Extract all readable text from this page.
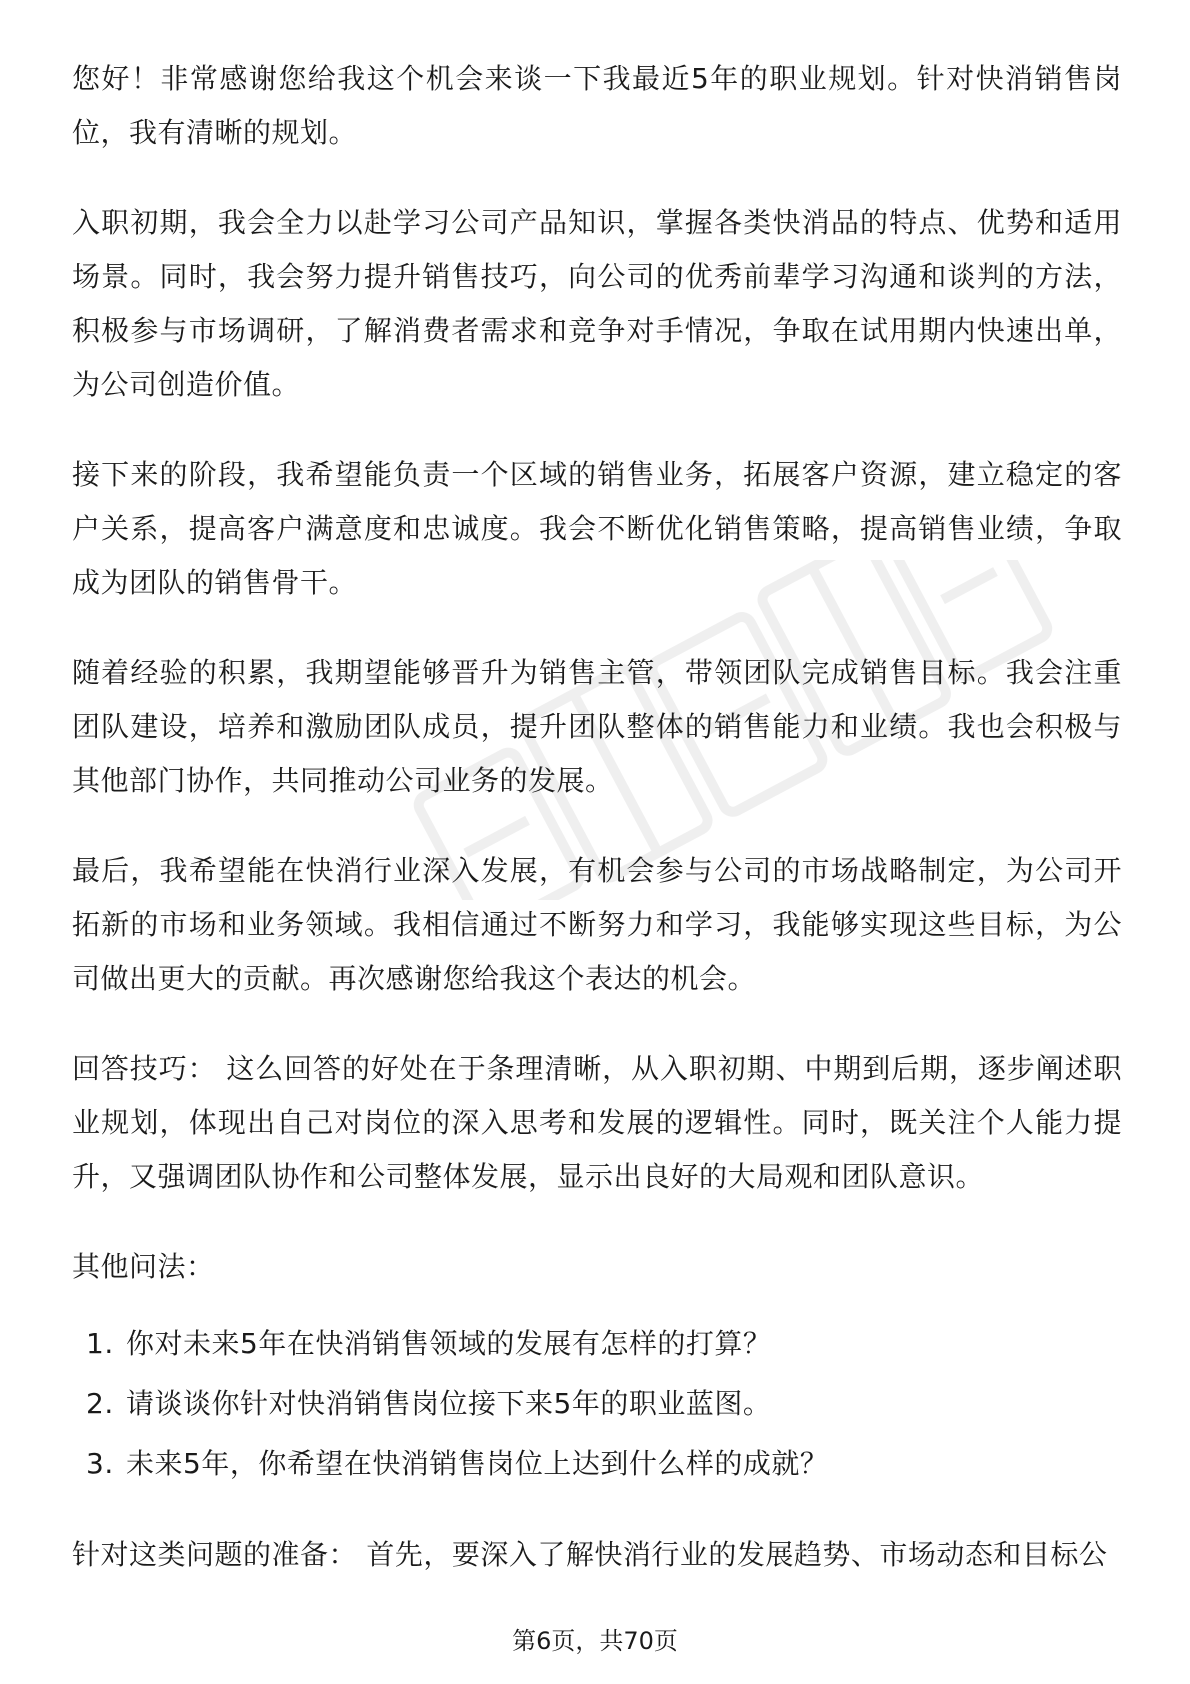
您好！非常感谢您给我这个机会来谈一下我最近5年的职业规划。针对快消销售岗位，我有清晰的规划。

入职初期，我会全力以赴学习公司产品知识，掌握各类快消品的特点、优势和适用场景。同时，我会努力提升销售技巧，向公司的优秀前辈学习沟通和谈判的方法，积极参与市场调研，了解消费者需求和竞争对手情况，争取在试用期内快速出单，为公司创造价值。

接下来的阶段，我希望能负责一个区域的销售业务，拓展客户资源，建立稳定的客户关系，提高客户满意度和忠诚度。我会不断优化销售策略，提高销售业绩，争取成为团队的销售骨干。

随着经验的积累，我期望能够晋升为销售主管，带领团队完成销售目标。我会注重团队建设，培养和激励团队成员，提升团队整体的销售能力和业绩。我也会积极与其他部门协作，共同推动公司业务的发展。

最后，我希望能在快消行业深入发展，有机会参与公司的市场战略制定，为公司开拓新的市场和业务领域。我相信通过不断努力和学习，我能够实现这些目标，为公司做出更大的贡献。再次感谢您给我这个表达的机会。

回答技巧： 这么回答的好处在于条理清晰，从入职初期、中期到后期，逐步阐述职业规划，体现出自己对岗位的深入思考和发展的逻辑性。同时，既关注个人能力提升，又强调团队协作和公司整体发展，显示出良好的大局观和团队意识。

其他问法：

1. 你对未来5年在快消销售领域的发展有怎样的打算？
2. 请谈谈你针对快消销售岗位接下来5年的职业蓝图。
3. 未来5年，你希望在快消销售岗位上达到什么样的成就？

针对这类问题的准备： 首先，要深入了解快消行业的发展趋势、市场动态和目标公

第6页，共70页
